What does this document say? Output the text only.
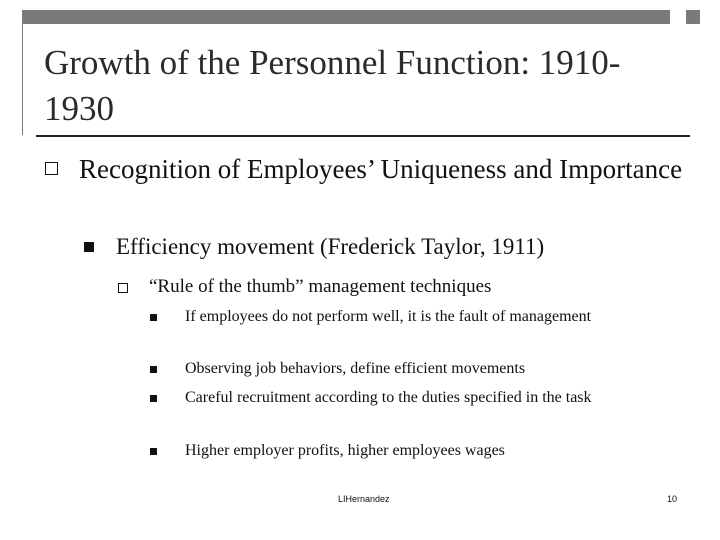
Growth of the Personnel Function: 1910-1930
Recognition of Employees’ Uniqueness and Importance
Efficiency movement (Frederick Taylor, 1911)
“Rule of the thumb” management techniques
If employees do not perform well, it is the fault of management
Observing job behaviors, define efficient movements
Careful recruitment according to the duties specified in the task
Higher employer profits, higher employees wages
LIHernandez	10
